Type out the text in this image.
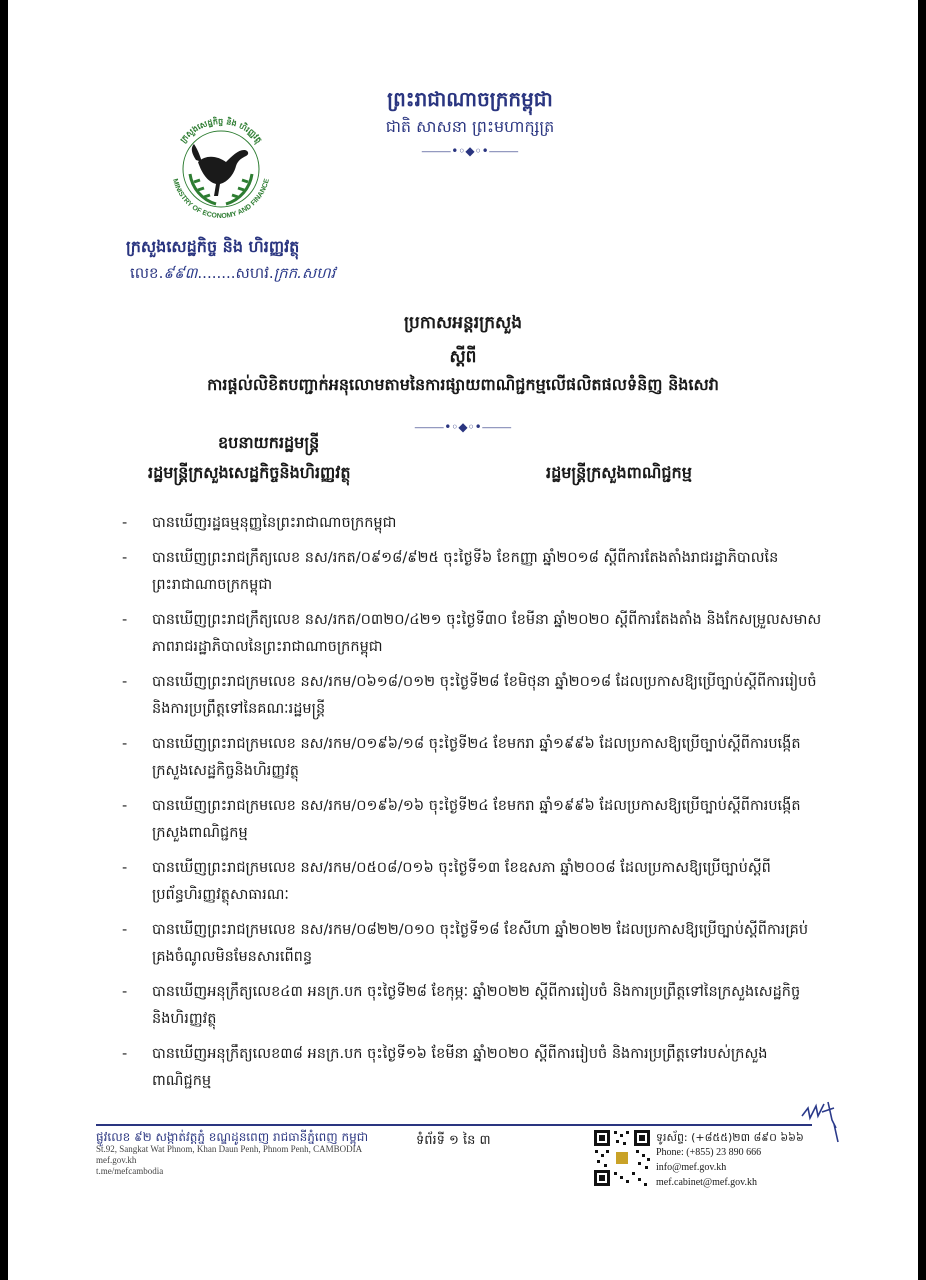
ព្រះរាជាណាចក្រកម្ពុជា
ជាតិ សាសនា ព្រះមហាក្សត្រ
⸻•◦◆◦•⸻
ក្រសួងសេដ្ឋកិច្ច និង ហិរញ្ញវត្ថុ
MINISTRY OF ECONOMY AND FINANCE
ក្រសួងសេដ្ឋកិច្ច និង ហិរញ្ញវត្ថុ
លេខ.៩៩៣........សហវ.ក្រក.សហវ
ប្រកាសអន្តរក្រសួង
ស្តីពី
ការផ្តល់លិខិតបញ្ជាក់អនុលោមតាមនៃការផ្សាយពាណិជ្ជកម្មលើផលិតផលទំនិញ និងសេវា
⸻•◦◆◦•⸻
ឧបនាយករដ្ឋមន្ត្រី
រដ្ឋមន្ត្រីក្រសួងសេដ្ឋកិច្ចនិងហិរញ្ញវត្ថុ	រដ្ឋមន្ត្រីក្រសួងពាណិជ្ជកម្ម
- បានឃើញរដ្ឋធម្មនុញ្ញនៃព្រះរាជាណាចក្រកម្ពុជា
- បានឃើញព្រះរាជក្រឹត្យលេខ នស/រកត/០៩១៨/៩២៥ ចុះថ្ងៃទី៦ ខែកញ្ញា ឆ្នាំ២០១៨ ស្តីពីការតែងតាំងរាជរដ្ឋាភិបាលនៃព្រះរាជាណាចក្រកម្ពុជា
- បានឃើញព្រះរាជក្រឹត្យលេខ នស/រកត/០៣២០/៤២១ ចុះថ្ងៃទី៣០ ខែមីនា ឆ្នាំ២០២០ ស្តីពីការតែងតាំង និងកែសម្រួលសមាសភាពរាជរដ្ឋាភិបាលនៃព្រះរាជាណាចក្រកម្ពុជា
- បានឃើញព្រះរាជក្រមលេខ នស/រកម/០៦១៨/០១២ ចុះថ្ងៃទី២៨ ខែមិថុនា ឆ្នាំ២០១៨ ដែលប្រកាសឱ្យប្រើច្បាប់ស្តីពីការរៀបចំ និងការប្រព្រឹត្តទៅនៃគណៈរដ្ឋមន្ត្រី
- បានឃើញព្រះរាជក្រមលេខ នស/រកម/០១៩៦/១៨ ចុះថ្ងៃទី២៤ ខែមករា ឆ្នាំ១៩៩៦ ដែលប្រកាសឱ្យប្រើច្បាប់ស្តីពីការបង្កើតក្រសួងសេដ្ឋកិច្ចនិងហិរញ្ញវត្ថុ
- បានឃើញព្រះរាជក្រមលេខ នស/រកម/០១៩៦/១៦ ចុះថ្ងៃទី២៤ ខែមករា ឆ្នាំ១៩៩៦ ដែលប្រកាសឱ្យប្រើច្បាប់ស្តីពីការបង្កើតក្រសួងពាណិជ្ជកម្ម
- បានឃើញព្រះរាជក្រមលេខ នស/រកម/០៥០៨/០១៦ ចុះថ្ងៃទី១៣ ខែឧសភា ឆ្នាំ២០០៨ ដែលប្រកាសឱ្យប្រើច្បាប់ស្តីពីប្រព័ន្ធហិរញ្ញវត្ថុសាធារណៈ
- បានឃើញព្រះរាជក្រមលេខ នស/រកម/០៨២២/០១០ ចុះថ្ងៃទី១៨ ខែសីហា ឆ្នាំ២០២២ ដែលប្រកាសឱ្យប្រើច្បាប់ស្តីពីការគ្រប់គ្រងចំណូលមិនមែនសារពើពន្ធ
- បានឃើញអនុក្រឹត្យលេខ៤៣ អនក្រ.បក ចុះថ្ងៃទី២៨ ខែកុម្ភៈ ឆ្នាំ២០២២ ស្តីពីការរៀបចំ និងការប្រព្រឹត្តទៅនៃក្រសួងសេដ្ឋកិច្ចនិងហិរញ្ញវត្ថុ
- បានឃើញអនុក្រឹត្យលេខ៣៨ អនក្រ.បក ចុះថ្ងៃទី១៦ ខែមីនា ឆ្នាំ២០២០ ស្តីពីការរៀបចំ និងការប្រព្រឹត្តទៅរបស់ក្រសួងពាណិជ្ជកម្ម
ផ្លូវលេខ ៩២ សង្កាត់វត្តភ្នំ ខណ្ឌដូនពេញ រាជធានីភ្នំពេញ កម្ពុជា
St.92, Sangkat Wat Phnom, Khan Daun Penh, Phnom Penh, CAMBODIA
mef.gov.kh
t.me/mefcambodia
ទំព័រទី ១ នៃ ៣	ទូរស័ព្ទ: (+៨៥៥)២៣ ៨៩០ ៦៦៦
Phone: (+855) 23 890 666
info@mef.gov.kh
mef.cabinet@mef.gov.kh
